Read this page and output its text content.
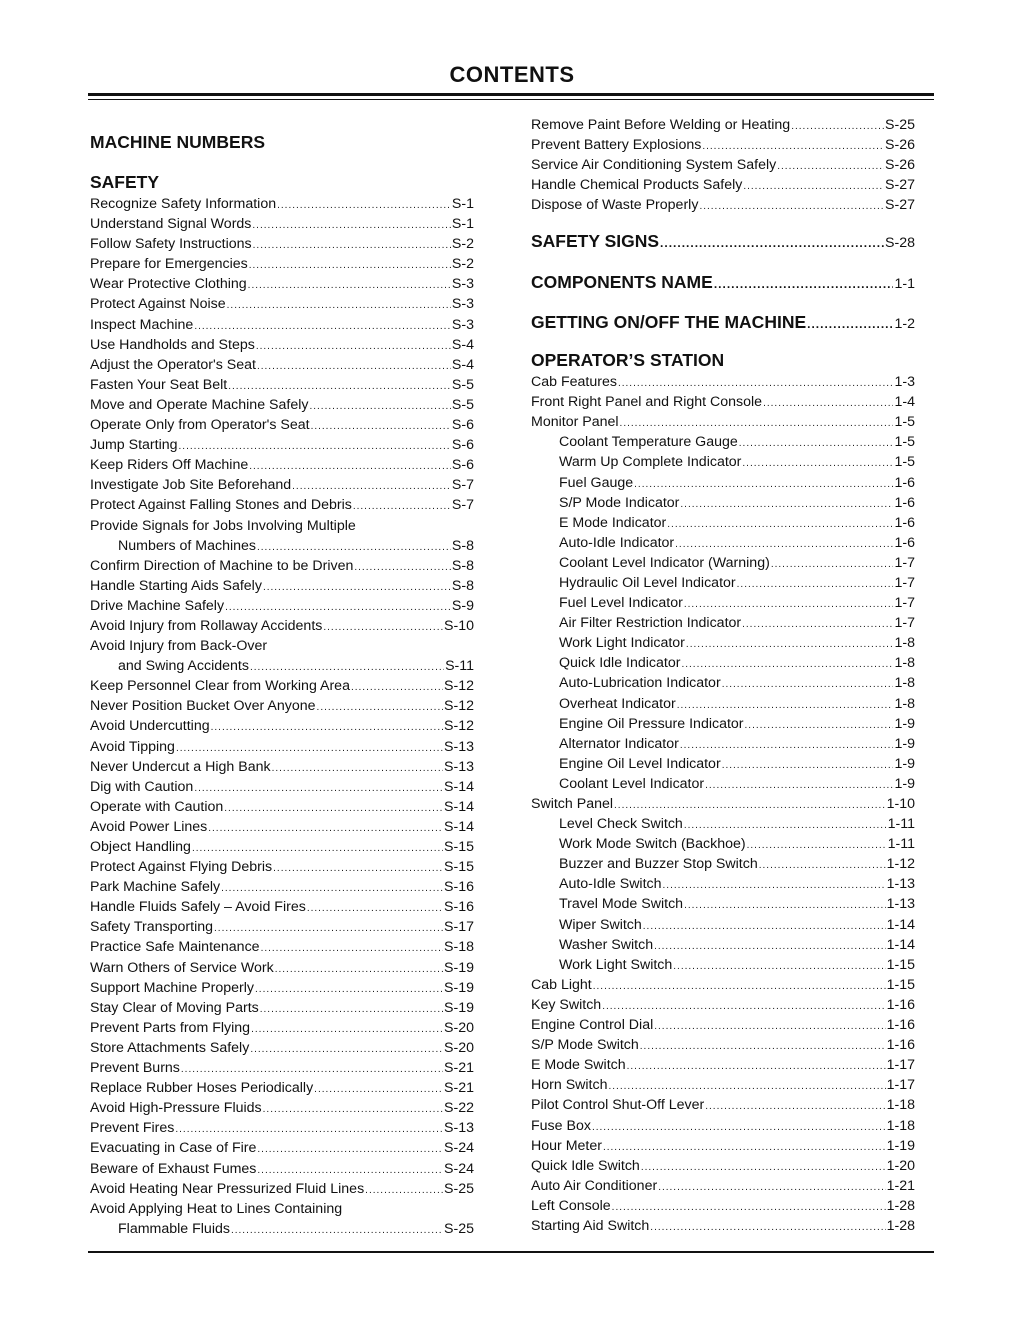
CONTENTS
MACHINE NUMBERS
SAFETY
Recognize Safety Information .....	S-1
Understand Signal Words .....	S-1
Follow Safety Instructions .....	S-2
Prepare for Emergencies .....	S-2
Wear Protective Clothing .....	S-3
Protect Against Noise .....	S-3
Inspect Machine .....	S-3
Use Handholds and Steps .....	S-4
Adjust the Operator's Seat .....	S-4
Fasten Your Seat Belt .....	S-5
Move and Operate Machine Safely .....	S-5
Operate Only from Operator's Seat .....	S-6
Jump Starting .....	S-6
Keep Riders Off Machine .....	S-6
Investigate Job Site Beforehand .....	S-7
Protect Against Falling Stones and Debris .....	S-7
Provide Signals for Jobs Involving Multiple
Numbers of Machines .....	S-8
Confirm Direction of Machine to be Driven .....	S-8
Handle Starting Aids Safely .....	S-8
Drive Machine Safely .....	S-9
Avoid Injury from Rollaway Accidents .....	S-10
Avoid Injury from Back-Over
and Swing Accidents .....	S-11
Keep Personnel Clear from Working Area .....	S-12
Never Position Bucket Over Anyone .....	S-12
Avoid Undercutting .....	S-12
Avoid Tipping .....	S-13
Never Undercut a High Bank .....	S-13
Dig with Caution .....	S-14
Operate with Caution .....	S-14
Avoid Power Lines .....	S-14
Object Handling .....	S-15
Protect Against Flying Debris .....	S-15
Park Machine Safely .....	S-16
Handle Fluids Safely – Avoid Fires .....	S-16
Safety Transporting .....	S-17
Practice Safe Maintenance .....	S-18
Warn Others of Service Work .....	S-19
Support Machine Properly .....	S-19
Stay Clear of Moving Parts .....	S-19
Prevent Parts from Flying .....	S-20
Store Attachments Safely .....	S-20
Prevent Burns .....	S-21
Replace Rubber Hoses Periodically .....	S-21
Avoid High-Pressure Fluids .....	S-22
Prevent Fires .....	S-13
Evacuating in Case of Fire .....	S-24
Beware of Exhaust Fumes .....	S-24
Avoid Heating Near Pressurized Fluid Lines .....	S-25
Avoid Applying Heat to Lines Containing
Flammable Fluids .....	S-25
Remove Paint Before Welding or Heating .....	S-25
Prevent Battery Explosions .....	S-26
Service Air Conditioning System Safely .....	S-26
Handle Chemical Products Safely .....	S-27
Dispose of Waste Properly .....	S-27
SAFETY SIGNS .....	S-28
COMPONENTS NAME .....	1-1
GETTING ON/OFF THE MACHINE .....	1-2
OPERATOR’S STATION
Cab Features .....	1-3
Front Right Panel and Right Console .....	1-4
Monitor Panel .....	1-5
Coolant Temperature Gauge .....	1-5
Warm Up Complete Indicator .....	1-5
Fuel Gauge .....	1-6
S/P Mode Indicator .....	1-6
E Mode Indicator .....	1-6
Auto-Idle Indicator .....	1-6
Coolant Level Indicator (Warning) .....	1-7
Hydraulic Oil Level Indicator .....	1-7
Fuel Level Indicator .....	1-7
Air Filter Restriction Indicator .....	1-7
Work Light Indicator .....	1-8
Quick Idle Indicator .....	1-8
Auto-Lubrication Indicator .....	1-8
Overheat Indicator .....	1-8
Engine Oil Pressure Indicator .....	1-9
Alternator Indicator .....	1-9
Engine Oil Level Indicator .....	1-9
Coolant Level Indicator .....	1-9
Switch Panel .....	1-10
Level Check Switch .....	1-11
Work Mode Switch (Backhoe) .....	1-11
Buzzer and Buzzer Stop Switch .....	1-12
Auto-Idle Switch .....	1-13
Travel Mode Switch .....	1-13
Wiper Switch .....	1-14
Washer Switch .....	1-14
Work Light Switch .....	1-15
Cab Light .....	1-15
Key Switch .....	1-16
Engine Control Dial .....	1-16
S/P Mode Switch .....	1-16
E Mode Switch .....	1-17
Horn Switch .....	1-17
Pilot Control Shut-Off Lever .....	1-18
Fuse Box .....	1-18
Hour Meter .....	1-19
Quick Idle Switch .....	1-20
Auto Air Conditioner .....	1-21
Left Console .....	1-28
Starting Aid Switch .....	1-28
